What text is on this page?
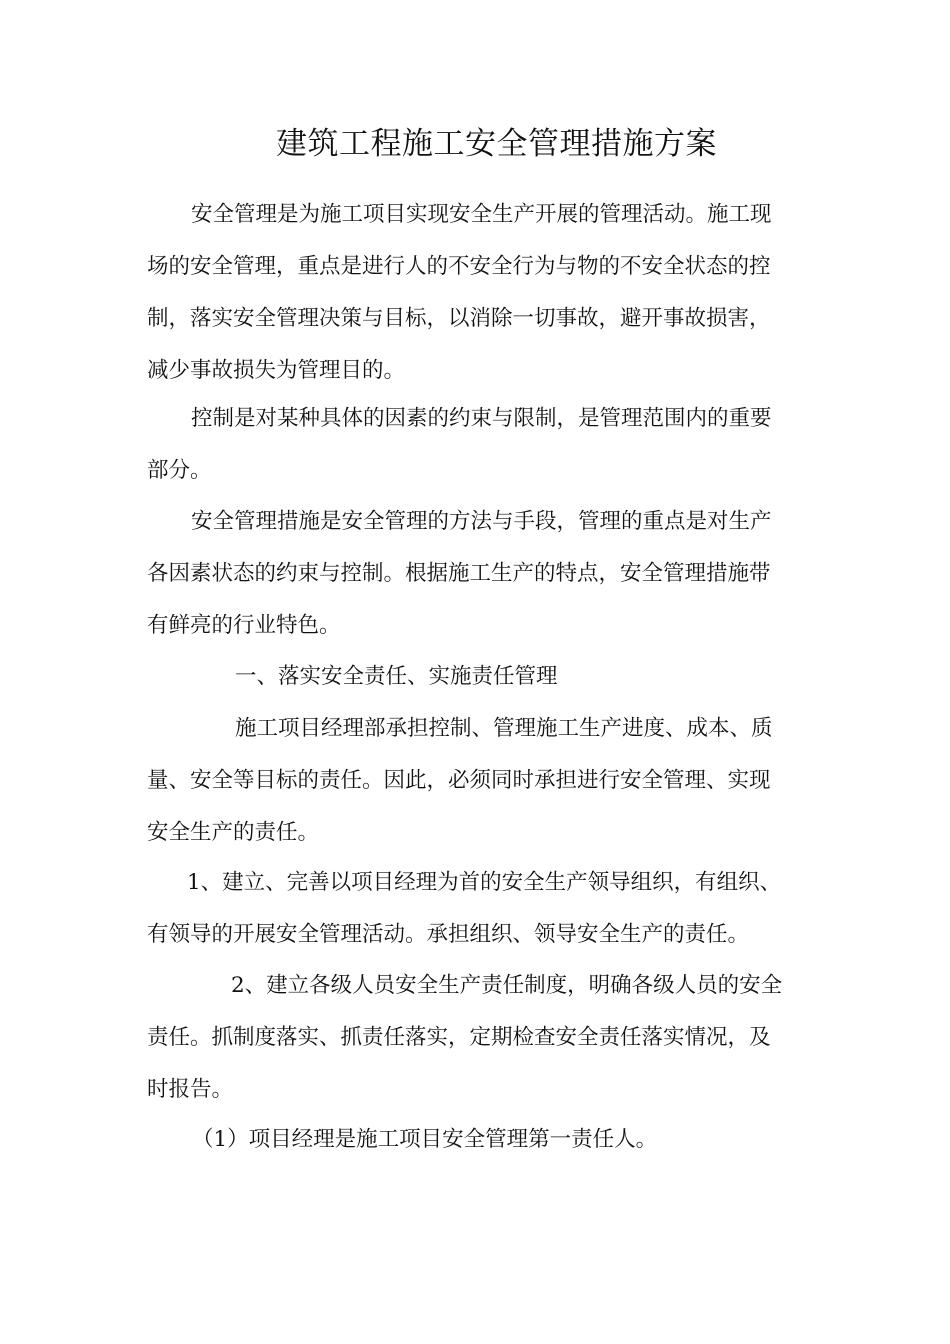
建筑工程施工安全管理措施方案
安全管理是为施工项目实现安全生产开展的管理活动。施工现
场的安全管理，重点是进行人的不安全行为与物的不安全状态的控
制，落实安全管理决策与目标，以消除一切事故，避开事故损害，
减少事故损失为管理目的。
控制是对某种具体的因素的约束与限制，是管理范围内的重要
部分。
安全管理措施是安全管理的方法与手段，管理的重点是对生产
各因素状态的约束与控制。根据施工生产的特点，安全管理措施带
有鲜亮的行业特色。
一、落实安全责任、实施责任管理
施工项目经理部承担控制、管理施工生产进度、成本、质
量、安全等目标的责任。因此，必须同时承担进行安全管理、实现
安全生产的责任。
1、建立、完善以项目经理为首的安全生产领导组织，有组织、
有领导的开展安全管理活动。承担组织、领导安全生产的责任。
2、建立各级人员安全生产责任制度，明确各级人员的安全
责任。抓制度落实、抓责任落实，定期检查安全责任落实情况，及
时报告。
（1）项目经理是施工项目安全管理第一责任人。
